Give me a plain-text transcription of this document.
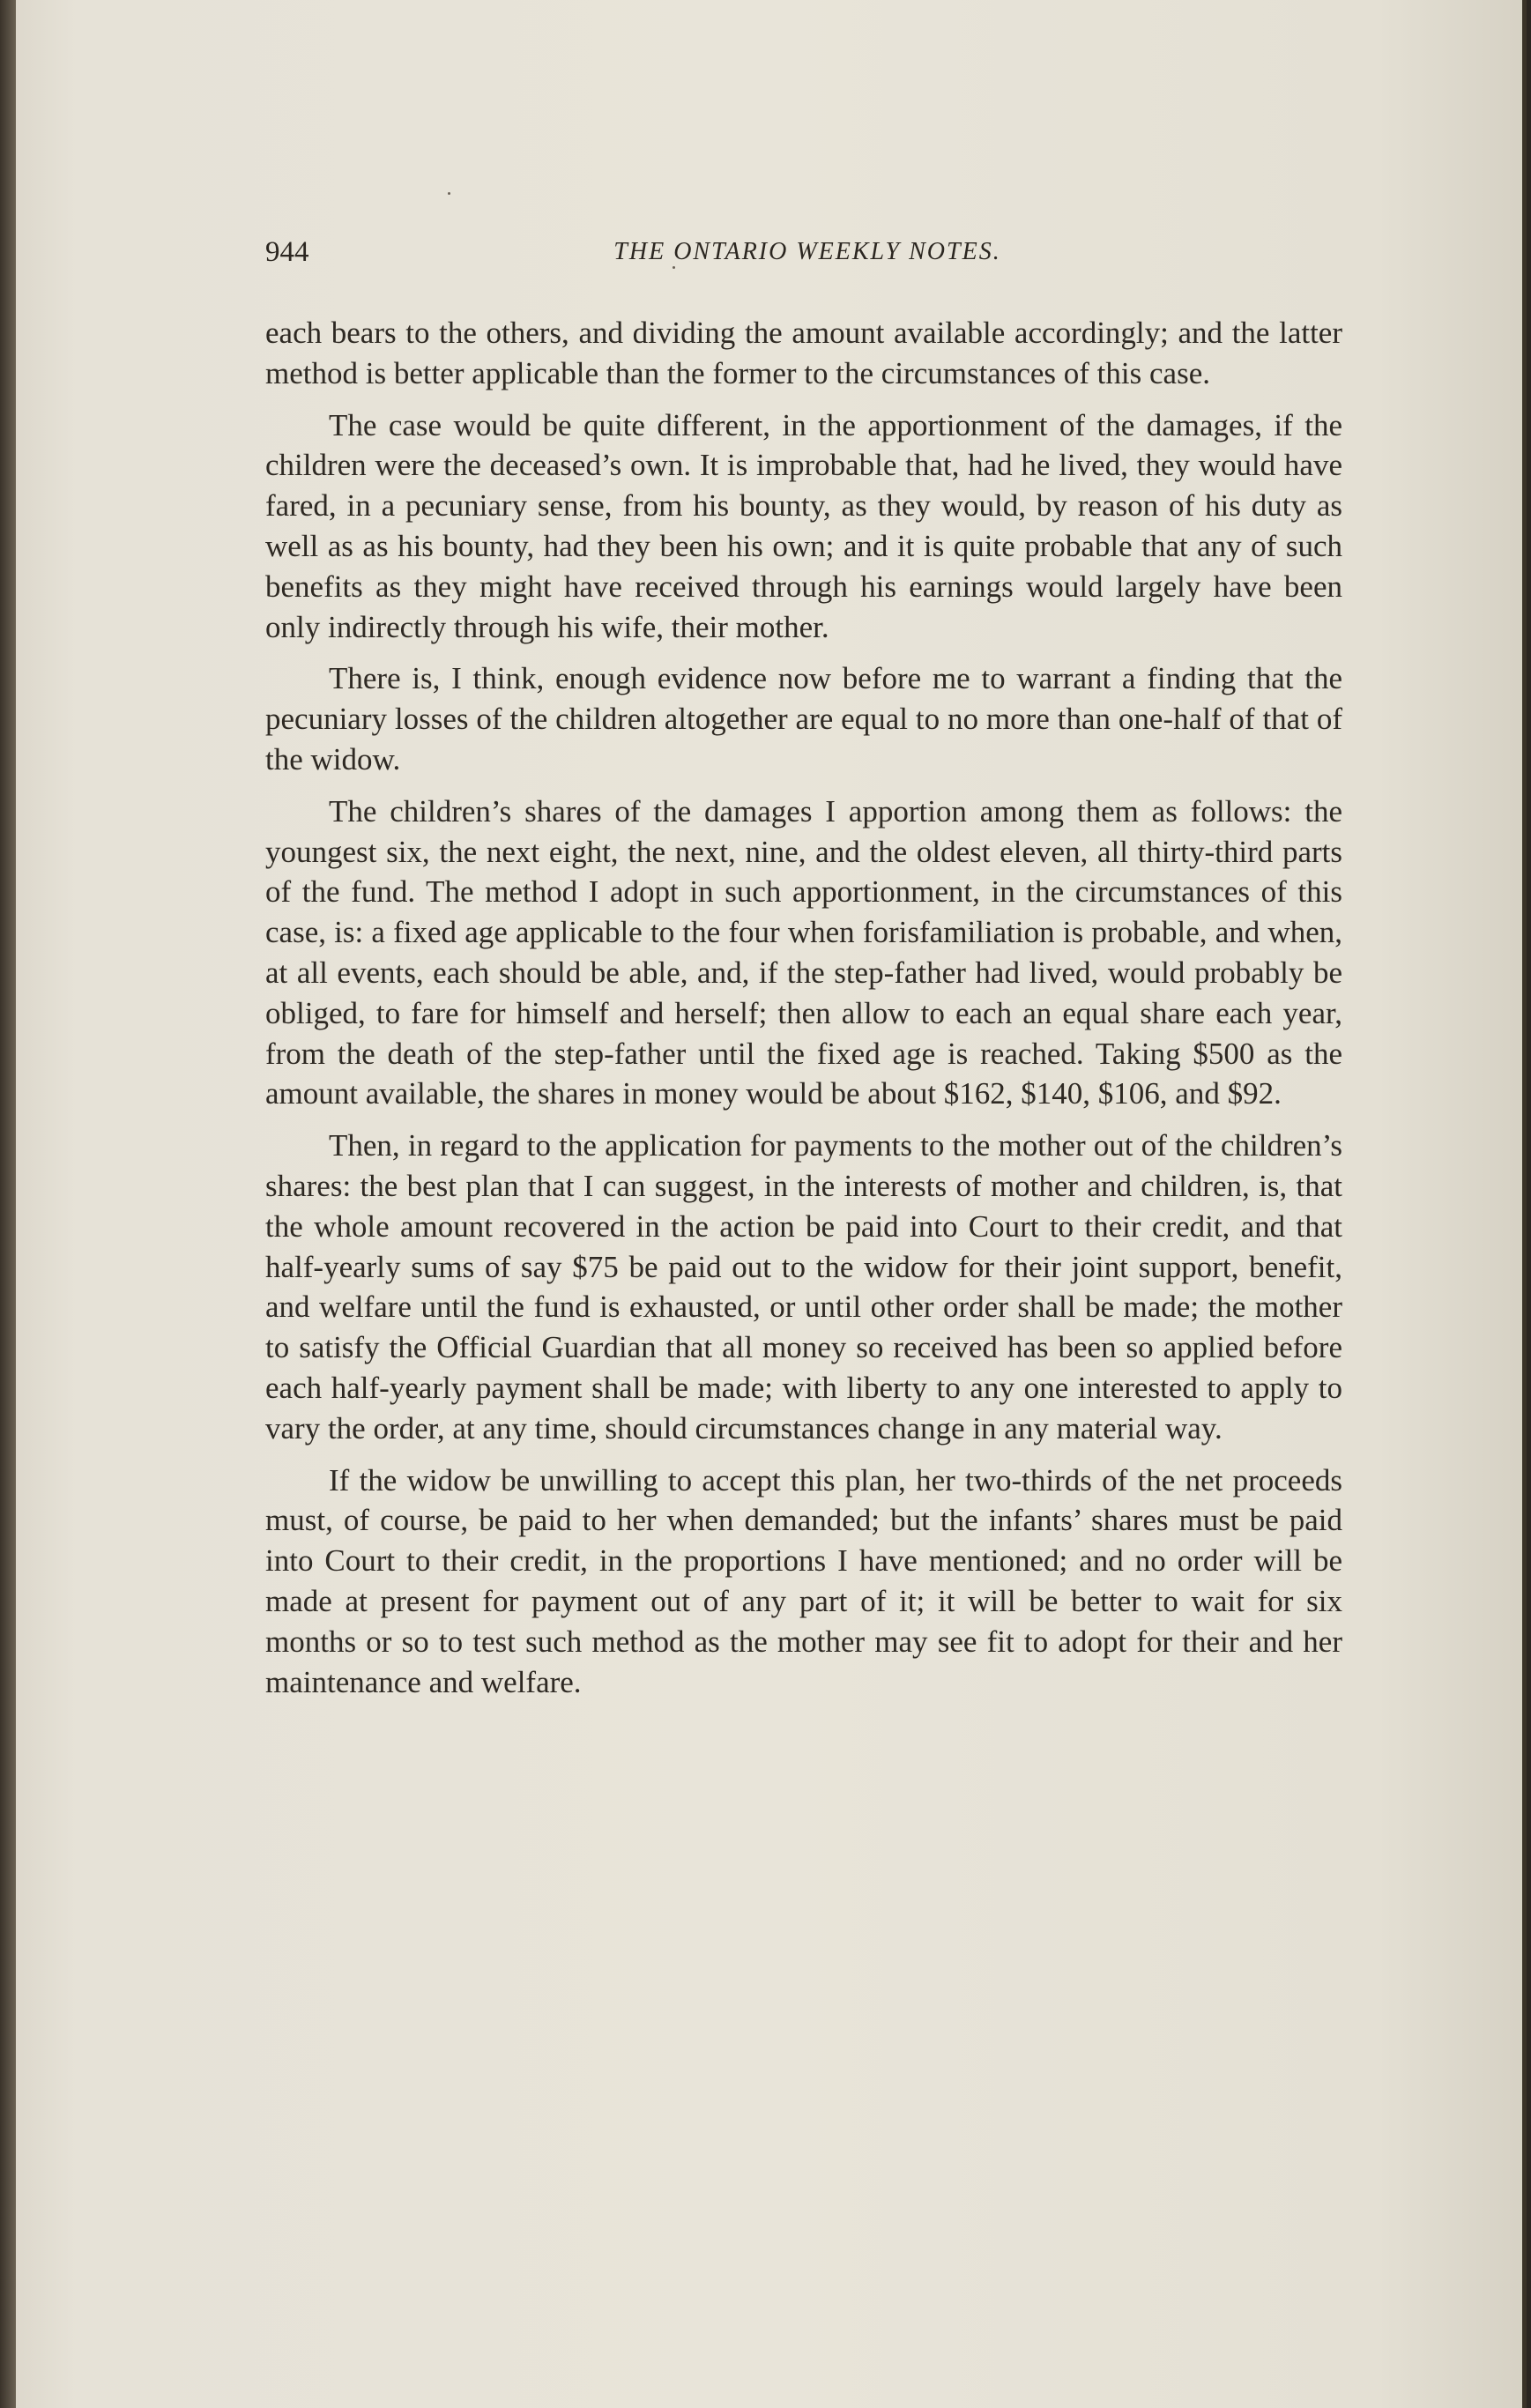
944	THE ONTARIO WEEKLY NOTES.

each bears to the others, and dividing the amount available accordingly; and the latter method is better applicable than the former to the circumstances of this case.

The case would be quite different, in the apportionment of the damages, if the children were the deceased’s own. It is improbable that, had he lived, they would have fared, in a pecuniary sense, from his bounty, as they would, by reason of his duty as well as as his bounty, had they been his own; and it is quite probable that any of such benefits as they might have received through his earnings would largely have been only indirectly through his wife, their mother.

There is, I think, enough evidence now before me to warrant a finding that the pecuniary losses of the children altogether are equal to no more than one-half of that of the widow.

The children’s shares of the damages I apportion among them as follows: the youngest six, the next eight, the next, nine, and the oldest eleven, all thirty-third parts of the fund. The method I adopt in such apportionment, in the circumstances of this case, is: a fixed age applicable to the four when forisfamiliation is probable, and when, at all events, each should be able, and, if the step-father had lived, would probably be obliged, to fare for himself and herself; then allow to each an equal share each year, from the death of the step-father until the fixed age is reached. Taking $500 as the amount available, the shares in money would be about $162, $140, $106, and $92.

Then, in regard to the application for payments to the mother out of the children’s shares: the best plan that I can suggest, in the interests of mother and children, is, that the whole amount recovered in the action be paid into Court to their credit, and that half-yearly sums of say $75 be paid out to the widow for their joint support, benefit, and welfare until the fund is exhausted, or until other order shall be made; the mother to satisfy the Official Guardian that all money so received has been so applied before each half-yearly payment shall be made; with liberty to any one interested to apply to vary the order, at any time, should circumstances change in any material way.

If the widow be unwilling to accept this plan, her two-thirds of the net proceeds must, of course, be paid to her when demanded; but the infants’ shares must be paid into Court to their credit, in the proportions I have mentioned; and no order will be made at present for payment out of any part of it; it will be better to wait for six months or so to test such method as the mother may see fit to adopt for their and her maintenance and welfare.
